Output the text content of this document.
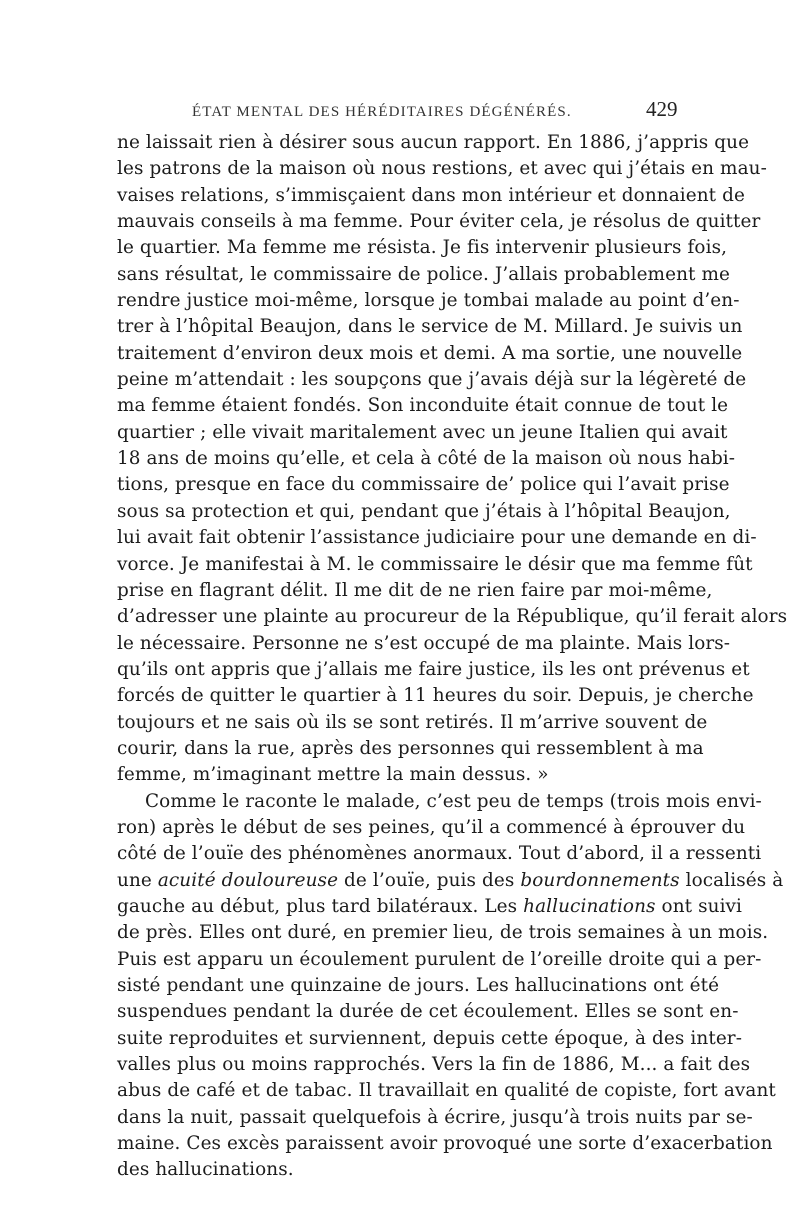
ÉTAT MENTAL DES HÉRÉDITAIRES DÉGÉNÉRÉS.	429
ne laissait rien à désirer sous aucun rapport. En 1886, j’appris que
les patrons de la maison où nous restions, et avec qui j’étais en mau-
vaises relations, s’immisçaient dans mon intérieur et donnaient de
mauvais conseils à ma femme. Pour éviter cela, je résolus de quitter
le quartier. Ma femme me résista. Je fis intervenir plusieurs fois,
sans résultat, le commissaire de police. J’allais probablement me
rendre justice moi-même, lorsque je tombai malade au point d’en-
trer à l’hôpital Beaujon, dans le service de M. Millard. Je suivis un
traitement d’environ deux mois et demi. A ma sortie, une nouvelle
peine m’attendait : les soupçons que j’avais déjà sur la légèreté de
ma femme étaient fondés. Son inconduite était connue de tout le
quartier ; elle vivait maritalement avec un jeune Italien qui avait
18 ans de moins qu’elle, et cela à côté de la maison où nous habi-
tions, presque en face du commissaire de’ police qui l’avait prise
sous sa protection et qui, pendant que j’étais à l’hôpital Beaujon,
lui avait fait obtenir l’assistance judiciaire pour une demande en di-
vorce. Je manifestai à M. le commissaire le désir que ma femme fût
prise en flagrant délit. Il me dit de ne rien faire par moi-même,
d’adresser une plainte au procureur de la République, qu’il ferait alors
le nécessaire. Personne ne s’est occupé de ma plainte. Mais lors-
qu’ils ont appris que j’allais me faire justice, ils les ont prévenus et
forcés de quitter le quartier à 11 heures du soir. Depuis, je cherche
toujours et ne sais où ils se sont retirés. Il m’arrive souvent de
courir, dans la rue, après des personnes qui ressemblent à ma
femme, m’imaginant mettre la main dessus. »
Comme le raconte le malade, c’est peu de temps (trois mois envi-
ron) après le début de ses peines, qu’il a commencé à éprouver du
côté de l’ouïe des phénomènes anormaux. Tout d’abord, il a ressenti
une acuité douloureuse de l’ouïe, puis des bourdonnements localisés à
gauche au début, plus tard bilatéraux. Les hallucinations ont suivi
de près. Elles ont duré, en premier lieu, de trois semaines à un mois.
Puis est apparu un écoulement purulent de l’oreille droite qui a per-
sisté pendant une quinzaine de jours. Les hallucinations ont été
suspendues pendant la durée de cet écoulement. Elles se sont en-
suite reproduites et surviennent, depuis cette époque, à des inter-
valles plus ou moins rapprochés. Vers la fin de 1886, M... a fait des
abus de café et de tabac. Il travaillait en qualité de copiste, fort avant
dans la nuit, passait quelquefois à écrire, jusqu’à trois nuits par se-
maine. Ces excès paraissent avoir provoqué une sorte d’exacerbation
des hallucinations.
